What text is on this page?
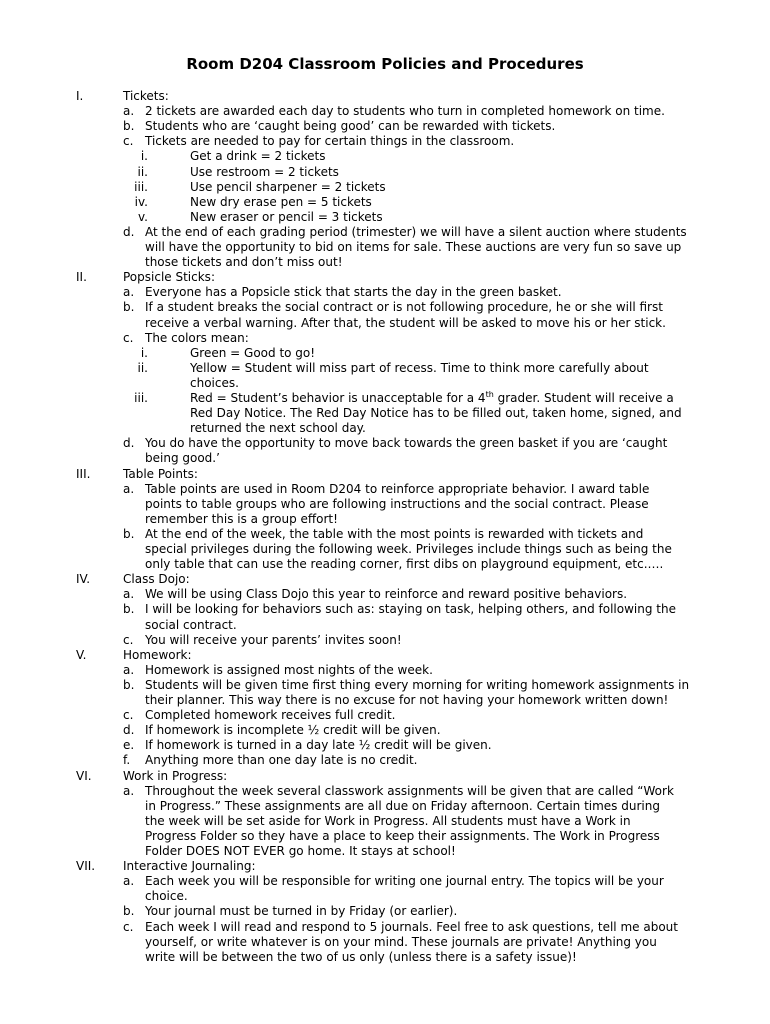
Room D204 Classroom Policies and Procedures
I.	Tickets:
a. 2 tickets are awarded each day to students who turn in completed homework on time.
b. Students who are ‘caught being good’ can be rewarded with tickets.
c. Tickets are needed to pay for certain things in the classroom.
i.	Get a drink = 2 tickets
ii.	Use restroom = 2 tickets
iii.	Use pencil sharpener = 2 tickets
iv.	New dry erase pen = 5 tickets
v.	New eraser or pencil = 3 tickets
d. At the end of each grading period (trimester) we will have a silent auction where students
will have the opportunity to bid on items for sale. These auctions are very fun so save up
those tickets and don’t miss out!
II.	Popsicle Sticks:
a. Everyone has a Popsicle stick that starts the day in the green basket.
b. If a student breaks the social contract or is not following procedure, he or she will first
receive a verbal warning. After that, the student will be asked to move his or her stick.
c. The colors mean:
i.	Green = Good to go!
ii.	Yellow = Student will miss part of recess. Time to think more carefully about
choices.
iii.	Red = Student’s behavior is unacceptable for a 4th grader. Student will receive a
Red Day Notice. The Red Day Notice has to be filled out, taken home, signed, and
returned the next school day.
d. You do have the opportunity to move back towards the green basket if you are ‘caught
being good.’
III.	Table Points:
a. Table points are used in Room D204 to reinforce appropriate behavior. I award table
points to table groups who are following instructions and the social contract. Please
remember this is a group effort!
b. At the end of the week, the table with the most points is rewarded with tickets and
special privileges during the following week. Privileges include things such as being the
only table that can use the reading corner, first dibs on playground equipment, etc.….
IV.	Class Dojo:
a. We will be using Class Dojo this year to reinforce and reward positive behaviors.
b. I will be looking for behaviors such as: staying on task, helping others, and following the
social contract.
c. You will receive your parents’ invites soon!
V.	Homework:
a. Homework is assigned most nights of the week.
b. Students will be given time first thing every morning for writing homework assignments in
their planner. This way there is no excuse for not having your homework written down!
c. Completed homework receives full credit.
d. If homework is incomplete ½ credit will be given.
e. If homework is turned in a day late ½ credit will be given.
f. Anything more than one day late is no credit.
VI.	Work in Progress:
a. Throughout the week several classwork assignments will be given that are called “Work
in Progress.” These assignments are all due on Friday afternoon. Certain times during
the week will be set aside for Work in Progress. All students must have a Work in
Progress Folder so they have a place to keep their assignments. The Work in Progress
Folder DOES NOT EVER go home. It stays at school!
VII. Interactive Journaling:
a. Each week you will be responsible for writing one journal entry. The topics will be your
choice.
b. Your journal must be turned in by Friday (or earlier).
c. Each week I will read and respond to 5 journals. Feel free to ask questions, tell me about
yourself, or write whatever is on your mind. These journals are private! Anything you
write will be between the two of us only (unless there is a safety issue)!
